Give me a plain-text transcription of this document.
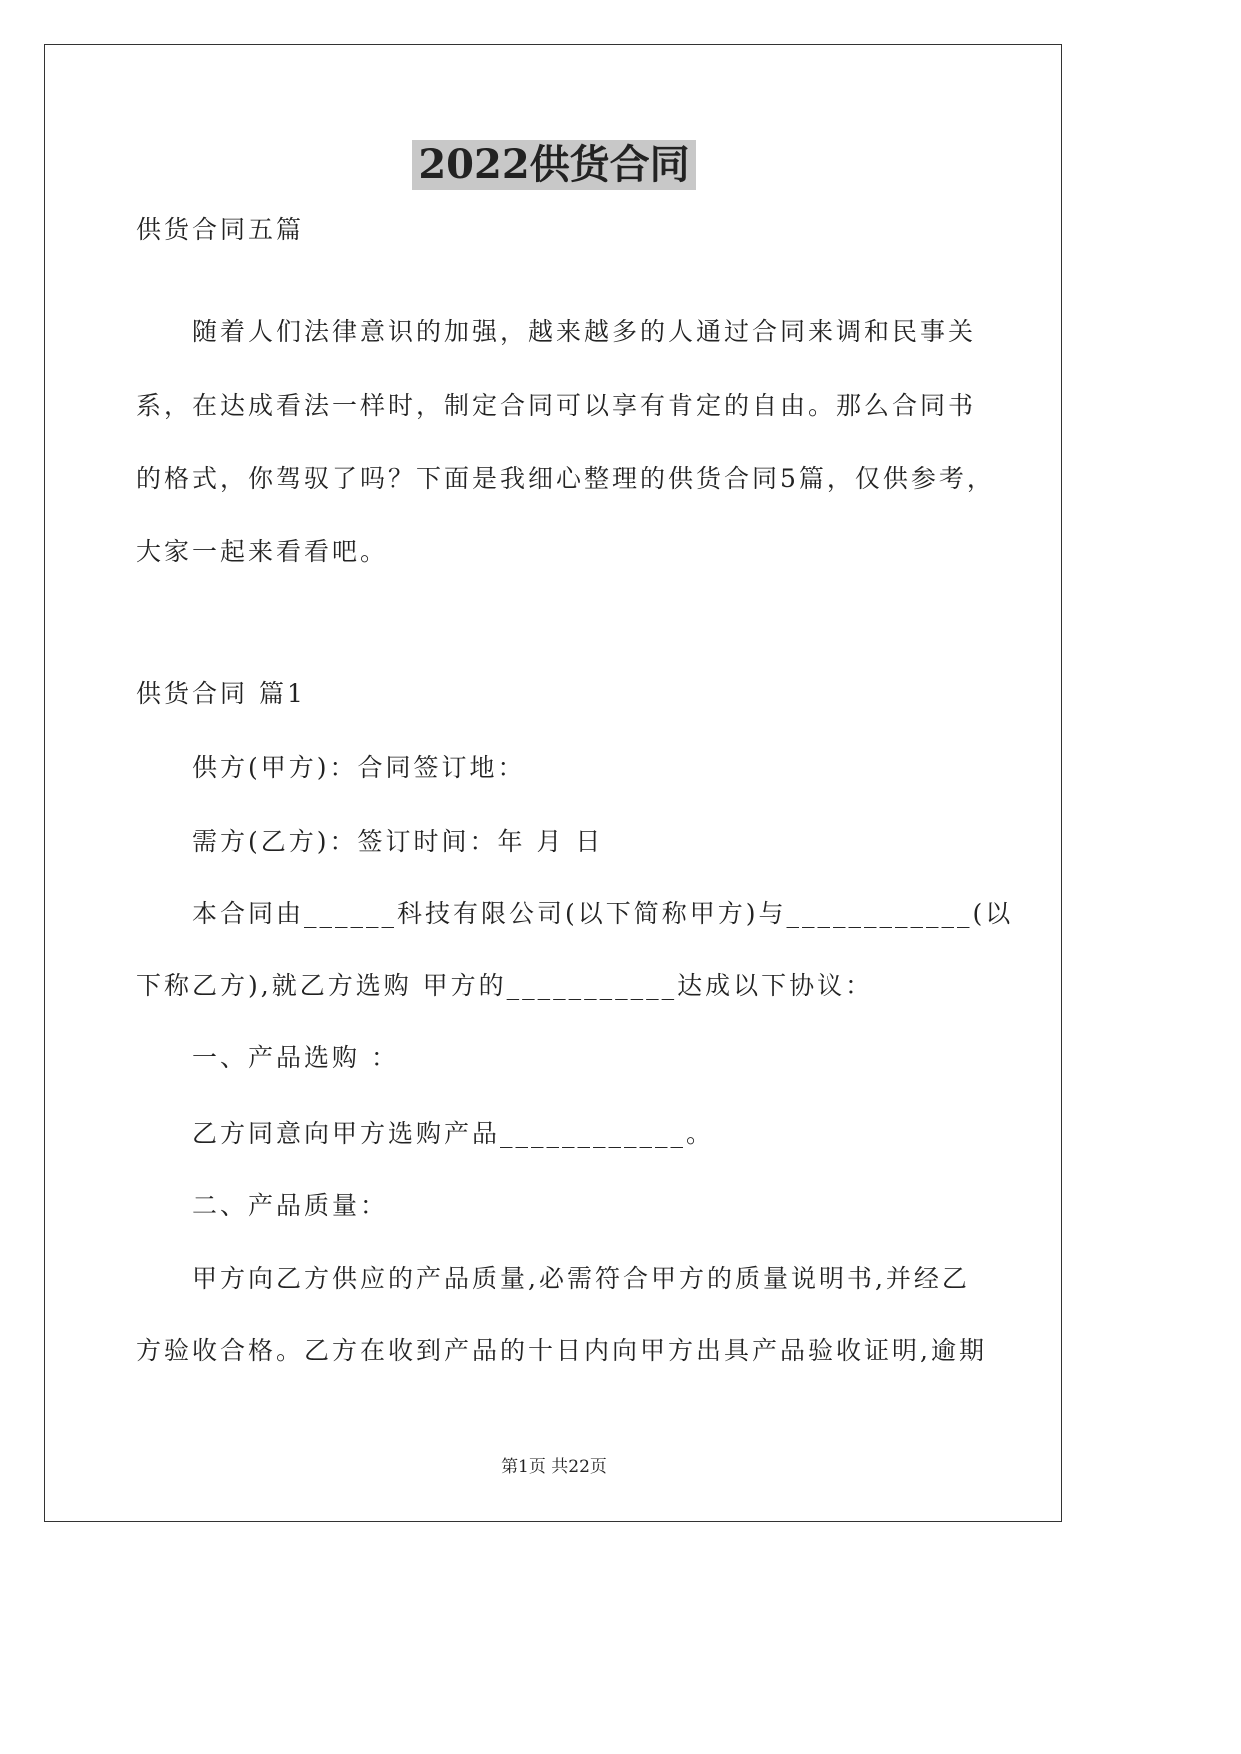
2022供货合同
供货合同五篇
随着人们法律意识的加强，越来越多的人通过合同来调和民事关
系，在达成看法一样时，制定合同可以享有肯定的自由。那么合同书
的格式，你驾驭了吗？下面是我细心整理的供货合同5篇，仅供参考，
大家一起来看看吧。
供货合同 篇1
供方(甲方)：合同签订地：
需方(乙方)：签订时间：年 月 日
本合同由______科技有限公司(以下简称甲方)与____________(以
下称乙方),就乙方选购 甲方的___________达成以下协议：
一、产品选购 ：
乙方同意向甲方选购产品____________。
二、产品质量：
甲方向乙方供应的产品质量,必需符合甲方的质量说明书,并经乙
方验收合格。乙方在收到产品的十日内向甲方出具产品验收证明,逾期
第1页 共22页
